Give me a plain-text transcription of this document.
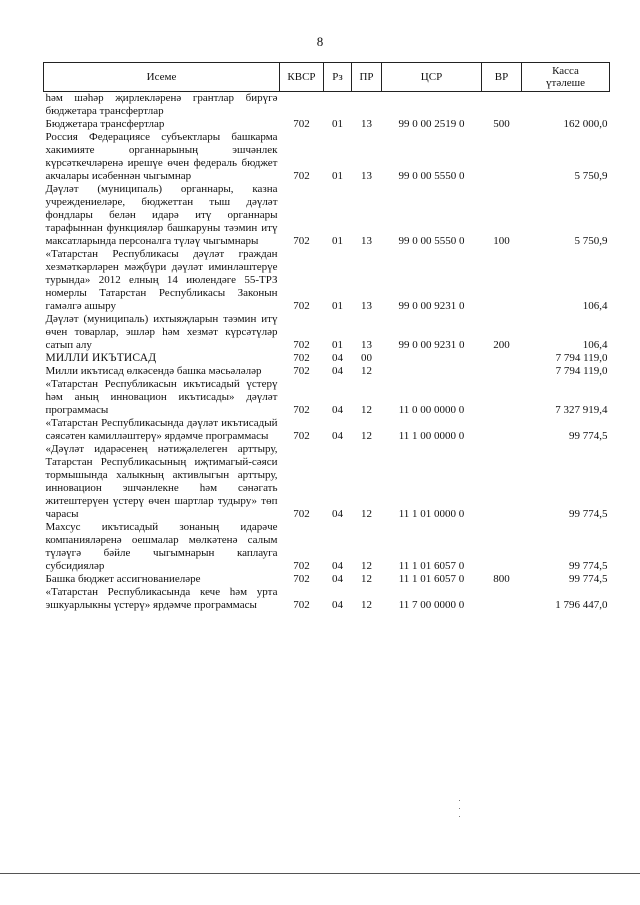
8
Исеме	КВСР	Рз	ПР	ЦСР	ВР	Касса
үтәлеше
һәм шәһәр җирлекләренә грантлар бирүгә бюджетара трансфертлар						
Бюджетара трансфертлар	702	01	13	99 0 00 2519 0	500	162 000,0
Россия Федерациясе субъектлары башкарма хакимияте органнарының эшчәнлек күрсәткечләренә ирешүе өчен федераль бюджет акчалары исәбеннән чыгымнар	702	01	13	99 0 00 5550 0		5 750,9
Дәүләт (муниципаль) органнары, казна учреждениеләре, бюджеттан тыш дәүләт фондлары белән идарә итү органнары тарафыннан функцияләр башкаруны тәэмин итү максатларында персоналга түләү чыгымнары	702	01	13	99 0 00 5550 0	100	5 750,9
«Татарстан Республикасы дәүләт граждан хезмәткәрләрен мәҗбүри дәүләт иминләштерүе турында» 2012 елның 14 июлендәге 55-ТРЗ номерлы Татарстан Республикасы Законын гамәлгә ашыру	702	01	13	99 0 00 9231 0		106,4
Дәүләт (муниципаль) ихтыяҗларын тәэмин итү өчен товарлар, эшләр һәм хезмәт күрсәтүләр сатып алу	702	01	13	99 0 00 9231 0	200	106,4
МИЛЛИ ИКЪТИСАД	702	04	00			7 794 119,0
Милли икътисад өлкәсендә башка мәсьәләләр	702	04	12			7 794 119,0
«Татарстан Республикасын икътисадый үстерү һәм аның инновацион икътисады» дәүләт программасы	702	04	12	11 0 00 0000 0		7 327 919,4
«Татарстан Республикасында дәүләт икътисадый сәясәтен камилләштерү» ярдәмче программасы	702	04	12	11 1 00 0000 0		99 774,5
«Дәүләт идарәсенең нәтиҗәлелеген арттыру, Татарстан Республикасының иҗтимагый-сәяси тормышында халыкның активлыгын арттыру, инновацион эшчәнлекне һәм сәнәгать житештерүен үстерү өчен шартлар тудыру» төп чарасы	702	04	12	11 1 01 0000 0		99 774,5
Махсус икътисадый зонаның идарәче компанияләренә оешмалар мөлкәтенә салым түләүгә бәйле чыгымнарын каплауга субсидияләр	702	04	12	11 1 01 6057 0		99 774,5
Башка бюджет ассигнованиеләре	702	04	12	11 1 01 6057 0	800	99 774,5
«Татарстан Республикасында кече һәм урта эшкуарлыкны үстерү» ярдәмче программасы	702	04	12	11 7 00 0000 0		1 796 447,0
